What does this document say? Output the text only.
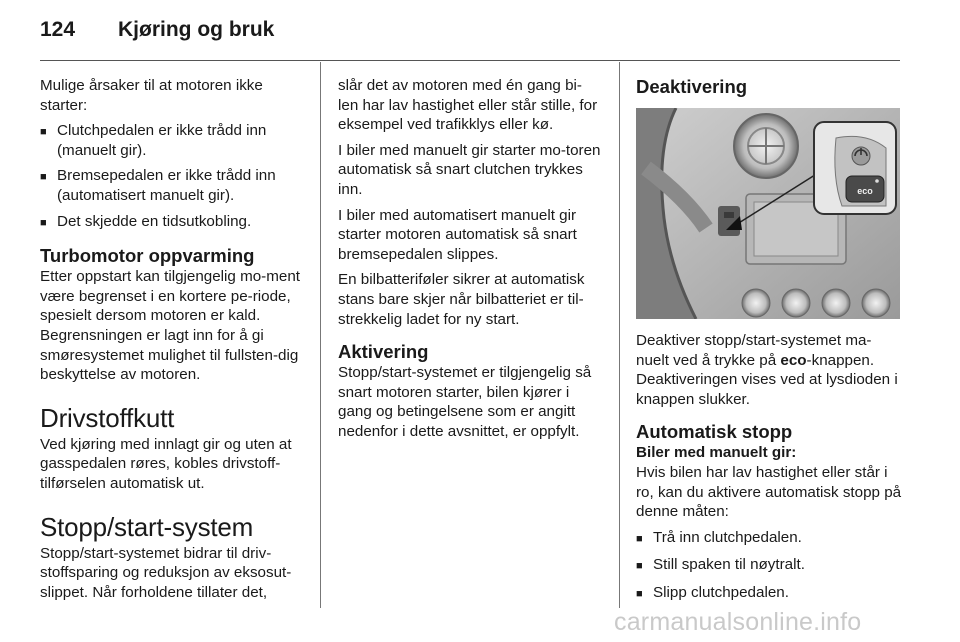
124	Kjøring og bruk

Mulige årsaker til at motoren ikke starter:

■ Clutchpedalen er ikke trådd inn (manuelt gir).
■ Bremsepedalen er ikke trådd inn (automatisert manuelt gir).
■ Det skjedde en tidsutkobling.
Turbomotor oppvarming

Etter oppstart kan tilgjengelig mo-ment være begrenset i en kortere pe-riode, spesielt dersom motoren er kald. Begrensningen er lagt inn for å gi smøresystemet mulighet til fullsten-dig beskyttelse av motoren.

Drivstoffkutt

Ved kjøring med innlagt gir og uten at gasspedalen røres, kobles drivstoff-tilførselen automatisk ut.

Stopp/start-system

Stopp/start-systemet bidrar til driv-stoffsparing og reduksjon av eksosut-slippet. Når forholdene tillater det,

slår det av motoren med én gang bi-len har lav hastighet eller står stille, for eksempel ved trafikklys eller kø.

I biler med manuelt gir starter mo-toren automatisk så snart clutchen trykkes inn.

I biler med automatisert manuelt gir starter motoren automatisk så snart bremsepedalen slippes.

En bilbatteriføler sikrer at automatisk stans bare skjer når bilbatteriet er til-strekkelig ladet for ny start.

Aktivering

Stopp/start-systemet er tilgjengelig så snart motoren starter, bilen kjører i gang og betingelsene som er angitt nedenfor i dette avsnittet, er oppfylt.

Deaktivering
eco

Deaktiver stopp/start-systemet ma-nuelt ved å trykke på eco-knappen. Deaktiveringen vises ved at lysdioden i knappen slukker.

Automatisk stopp
Biler med manuelt gir:

Hvis bilen har lav hastighet eller står i ro, kan du aktivere automatisk stopp på denne måten:

■ Trå inn clutchpedalen.
■ Still spaken til nøytralt.
■ Slipp clutchpedalen.
carmanualsonline.info
